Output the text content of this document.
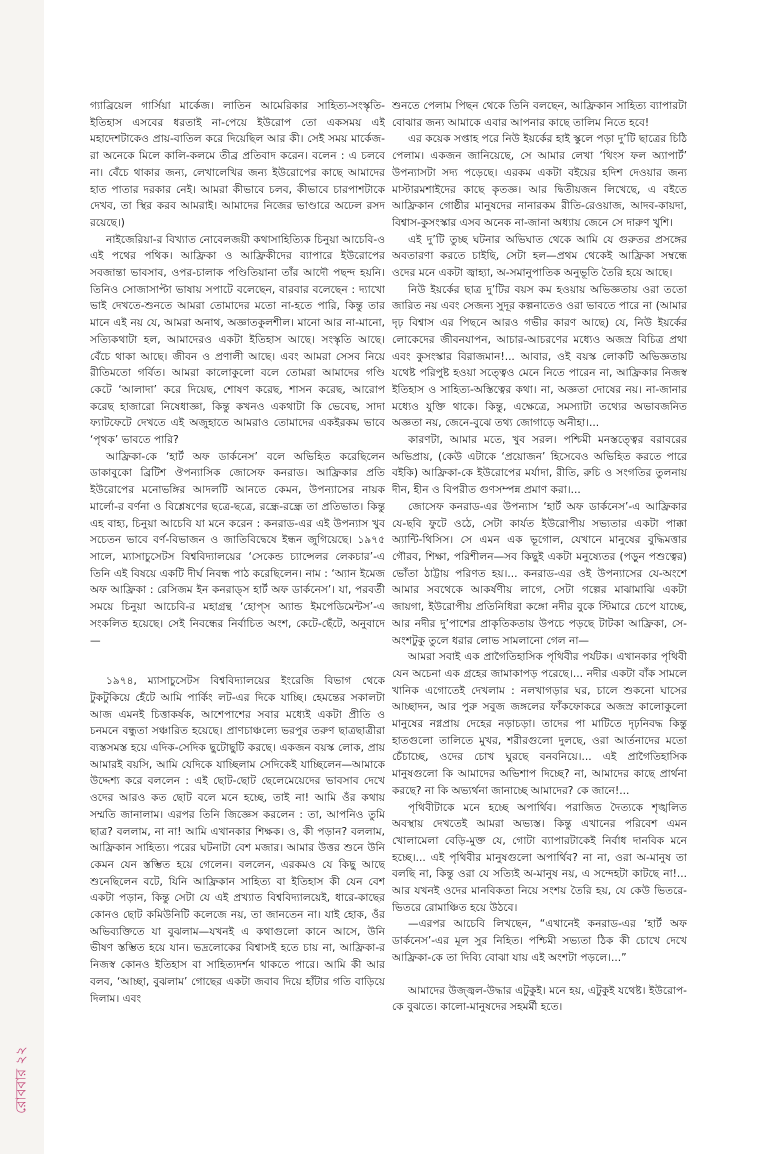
রোববার ২২

গ্যাব্রিয়েল গার্সিয়া মার্কেজ। লাতিন আমেরিকার সাহিত্য-সংস্কৃতি-ইতিহাস এসবের ধরতাই না-পেয়ে ইউরোপ তো একসময় এই মহাদেশটাকেও প্রায়-বাতিল করে দিয়েছিল আর কী। সেই সময় মার্কেজ-রা অনেকে মিলে কালি-কলমে তীব্র প্রতিবাদ করেন। বলেন : এ চলবে না। বেঁচে থাকার জন্য, লেখালেখির জন্য ইউরোপের কাছে আমাদের হাত পাতার দরকার নেই। আমরা কীভাবে চলব, কীভাবে চারপাশটাকে দেখব, তা স্থির করব আমরাই। আমাদের নিজের ভাণ্ডারে অঢেল রসদ রয়েছে।)

নাইজেরিয়া-র বিখ্যাত নোবেলজয়ী কথাসাহিত্যিক চিনুয়া আচেবি-ও এই পথের পথিক। আফ্রিকা ও আফ্রিকীদের ব্যাপারে ইউরোপের সবজান্তা ভাবসাব, ওপর-চালাক পণ্ডিতিয়ানা তাঁর আদৌ পছন্দ হয়নি। তিনিও সোজাসাপ্টা ভাষায় সপাটে বলেছেন, বারবার বলেছেন : দ্যাখো ভাই দেখতে-শুনতে আমরা তোমাদের মতো না-হতে পারি, কিন্তু তার মানে এই নয় যে, আমরা অনাথ, অজ্ঞাতকুলশীল। মানো আর না-মানো, সত্যিকথাটা হল, আমাদেরও একটা ইতিহাস আছে। সংস্কৃতি আছে। বেঁচে থাকা আছে। জীবন ও প্রণালী আছে। এবং আমরা সেসব নিয়ে রীতিমতো গর্বিত। আমরা কালোকুলো বলে তোমরা আমাদের গণ্ডি কেটে ‘আলাদা’ করে দিয়েছ, শোষণ করেছ, শাসন করেছ, আরোপ করেছ হাজারো নিষেধাজ্ঞা, কিন্তু কখনও একথাটা কি ভেবেছ, সাদা ফ্যাটফেটে দেখতে এই অজুহাতে আমরাও তোমাদের একইরকম ভাবে ‘পৃথক’ ভাবতে পারি?

আফ্রিকা-কে ‘হার্ট অফ ডার্কনেস’ বলে অভিহিত করেছিলেন ডাকাবুকো ব্রিটিশ ঔপন্যাসিক জোসেফ কনরাড। আফ্রিকার প্রতি ইউরোপের মনোভঙ্গির আদলটি আনতে কেমন, উপন্যাসের নায়ক মার্লো-র বর্ণনা ও বিশ্লেষণের ছত্রে-ছত্রে, রন্ধ্রে-রন্ধ্রে তা প্রতিভাত। কিন্তু এহ বাহ্য, চিনুয়া আচেবি যা মনে করেন : কনরাড-এর এই উপন্যাস খুব সচেতন ভাবে বর্ণ-বিভাজন ও জাতিবিদ্বেষে ইন্ধন জুগিয়েছে। ১৯৭৫ সালে, ম্যাসাচুসেটস বিশ্ববিদ্যালয়ের ‘সেকেন্ড চ্যান্সেলর লেকচার’-এ তিনি এই বিষয়ে একটি দীর্ঘ নিবন্ধ পাঠ করেছিলেন। নাম : ‘অ্যান ইমেজ অফ আফ্রিকা : রেসিজম ইন কনরাড্‌স হার্ট অফ ডার্কনেস’। যা, পরবর্তী সময়ে চিনুয়া আচেবি-র মহাগ্রন্থ ‘হোপ্‌স অ্যান্ড ইমপেডিমেন্টস’-এ সংকলিত হয়েছে। সেই নিবন্ধের নির্বাচিত অংশ, কেটে-ছেঁটে, অনুবাদে—

১৯৭৪, ম্যাসাচুসেটস বিশ্ববিদ্যালয়ের ইংরেজি বিভাগ থেকে টুকটুকিয়ে হেঁটে আমি পার্কিং লট-এর দিকে যাচ্ছি। হেমন্তের সকালটা আজ এমনই চিত্তাকর্ষক, আশেপাশের সবার মধ্যেই একটা প্রীতি ও চনমনে বন্ধুতা সঞ্চারিত হয়েছে। প্রাণচাঞ্চল্যে ভরপুর তরুণ ছাত্রছাত্রীরা ব্যস্তসমস্ত হয়ে এদিক-সেদিক ছুটোছুটি করছে। একজন বয়স্ক লোক, প্রায় আমারই বয়সি, আমি যেদিকে যাচ্ছিলাম সেদিকেই যাচ্ছিলেন—আমাকে উদ্দেশ্য করে বললেন : এই ছোট-ছোট ছেলেমেয়েদের ভাবসাব দেখে ওদের আরও কত ছোট বলে মনে হচ্ছে, তাই না! আমি ওঁর কথায় সম্মতি জানালাম। এরপর তিনি জিজ্ঞেস করলেন : তা, আপনিও তুমি ছাত্র? বললাম, না না! আমি এখানকার শিক্ষক। ও, কী পড়ান? বললাম, আফ্রিকান সাহিত্য। পরের ঘটনাটা বেশ মজার। আমার উত্তর শুনে উনি কেমন যেন স্তম্ভিত হয়ে গেলেন। বললেন, এরকমও যে কিছু আছে শুনেছিলেন বটে, যিনি আফ্রিকান সাহিত্য বা ইতিহাস কী যেন বেশ একটা পড়ান, কিন্তু সেটা যে এই প্রখ্যাত বিশ্ববিদ্যালয়েই, ধারে-কাছের কোনও ছোট কমিউনিটি কলেজে নয়, তা জানতেন না। যাই হোক, ওঁর অভিব্যক্তিতে যা বুঝলাম—যখনই এ কথাগুলো কানে আসে, উনি ভীষণ স্তম্ভিত হয়ে যান। ভদ্রলোকের বিশ্বাসই হতে চায় না, আফ্রিকা-র নিজস্ব কোনও ইতিহাস বা সাহিত্যদর্শন থাকতে পারে। আমি কী আর বলব, ‘আচ্ছা, বুঝলাম’ গোছের একটা জবাব দিয়ে হাঁটার গতি বাড়িয়ে দিলাম। এবং

শুনতে পেলাম পিছন থেকে তিনি বলছেন, আফ্রিকান সাহিত্য ব্যাপারটা বোঝার জন্য আমাকে এবার আপনার কাছে তালিম নিতে হবে!

এর কয়েক সপ্তাহ পরে নিউ ইয়র্কের হাই স্কুলে পড়া দু’টি ছাত্রের চিঠি পেলাম। একজন জানিয়েছে, সে আমার লেখা ‘থিংস ফল অ্যাপার্ট’ উপন্যাসটা সদ্য পড়েছে। এরকম একটা বইয়ের হদিশ দেওয়ার জন্য মাস্টারমশাইদের কাছে কৃতজ্ঞ। আর দ্বিতীয়জন লিখেছে, এ বইতে আফ্রিকান গোষ্ঠীর মানুষদের নানারকম রীতি-রেওয়াজ, আদব-কায়দা, বিশ্বাস-কুসংস্কার এসব অনেক না-জানা অধ্যায় জেনে সে দারুণ খুশি।

এই দু’টি তুচ্ছ ঘটনার অভিঘাত থেকে আমি যে গুরুতর প্রসঙ্গের অবতারণা করতে চাইছি, সেটা হল—প্রথম থেকেই আফ্রিকা সম্বন্ধে ওদের মনে একটা জ্বাহ্যা, অ-সমানুপাতিক অনুভূতি তৈরি হয়ে আছে।

নিউ ইয়র্কের ছাত্র দু’টির বয়স কম হওয়ায় অভিজ্ঞতায় ওরা ততো জারিত নয় এবং সেজন্য সুদূর কল্পনাতেও ওরা ভাবতে পারে না (আমার দৃঢ় বিশ্বাস এর পিছনে আরও গভীর কারণ আছে) যে, নিউ ইয়র্কের লোকেদের জীবনযাপন, আচার-আচরণের মধ্যেও অজস্র বিচিত্র প্রথা এবং কুসংস্কার বিরাজমান!... আবার, ওই বয়স্ক লোকটি অভিজ্ঞতায় যথেষ্ট পরিপুষ্ট হওয়া সত্ত্বেও মেনে নিতে পারেন না, আফ্রিকার নিজস্ব ইতিহাস ও সাহিত্য-অস্তিত্বের কথা। না, অজ্ঞতা দোষের নয়। না-জানার মধ্যেও যুক্তি থাকে। কিন্তু, এক্ষেত্রে, সমস্যাটা তথ্যের অভাবজনিত অজ্ঞতা নয়, জেনে-বুঝে তথ্য জোগাড়ে অনীহা।...

কারণটা, আমার মতে, খুব সরল। পশ্চিমী মনস্তত্ত্বের বরাবরের অভিপ্রায়, (কেউ এটাকে ‘প্রয়োজন’ হিসেবেও অভিহিত করতে পারে বইকি) আফ্রিকা-কে ইউরোপের মর্যাদা, রীতি, রুচি ও সংগতির তুলনায় দীন, হীন ও বিপরীত গুণসম্পন্ন প্রমাণ করা।...

জোসেফ কনরাড-এর উপন্যাস ‘হার্ট অফ ডার্কনেস’-এ আফ্রিকার যে-ছবি ফুটে ওঠে, সেটা কার্যত ইউরোপীয় সভ্যতার একটা পাক্কা অ্যান্টি-থিসিস। সে এমন এক ভূগোল, যেখানে মানুষের বুদ্ধিমত্তার গৌরব, শিক্ষা, পরিশীলন—সব কিছুই একটা মনুষ্যেতর (পড়ুন পশুত্বের) ভোঁতা ঠাট্টায় পরিণত হয়।... কনরাড-এর ওই উপন্যাসের যে-অংশে আমার সবথেকে আকর্ষণীয় লাগে, সেটা গল্পের মাঝামাঝি একটা জায়গা, ইউরোপীয় প্রতিনিধিরা কঙ্গো নদীর বুকে স্টিমারে চেপে যাচ্ছে, আর নদীর দু’পাশের প্রাকৃতিকতায় উপচে পড়ছে টাটকা আফ্রিকা, সে-অংশটুকু তুলে ধরার লোভ সামলানো গেল না—

আমরা সবাই এক প্রাগৈতিহাসিক পৃথিবীর পর্যটক। এখানকার পৃথিবী যেন অচেনা এক গ্রহের জামাকাপড় পরেছে।... নদীর একটা বাঁক সামলে খানিক এগোতেই দেখলাম : নলখাগড়ার ঘর, চালে শুকনো ঘাসের আচ্ছাদন, আর পুরু সবুজ জঙ্গলের ফাঁকফোকরে অজস্র কালোকুলো মানুষের নগ্নপ্রায় দেহের নড়াচড়া। তাদের পা মাটিতে দৃঢ়নিবদ্ধ কিন্তু হাতগুলো তালিতে মুখর, শরীরগুলো দুলছে, ওরা আর্তনাদের মতো চেঁচাচ্ছে, ওদের চোখ ঘুরছে বনবনিয়ে।... এই প্রাগৈতিহাসিক মানুষগুলো কি আমাদের অভিশাপ দিচ্ছে? না, আমাদের কাছে প্রার্থনা করছে? না কি অভ্যর্থনা জানাচ্ছে আমাদের? কে জানে!...

পৃথিবীটাকে মনে হচ্ছে অপার্থিব। পরাজিত দৈত্যকে শৃঙ্খলিত অবস্থায় দেখতেই আমরা অভ্যস্ত। কিন্তু এখানের পরিবেশ এমন খোলামেলা বেড়ি-মুক্ত যে, গোটা ব্যাপারটাকেই নির্বাধ দানবিক মনে হচ্ছে।... এই পৃথিবীর মানুষগুলো অপার্থিব? না না, ওরা অ-মানুষ তা বলছি না, কিন্তু ওরা যে সত্যিই অ-মানুষ নয়, এ সন্দেহটা কাটছে না!... আর যখনই ওদের মানবিকতা নিয়ে সংশয় তৈরি হয়, যে কেউ ভিতরে-ভিতরে রোমাঞ্চিত হয়ে উঠবে।

—এরপর আচেবি লিখছেন, “এখানেই কনরাড-এর ‘হার্ট অফ ডার্কনেস’-এর মূল সুর নিহিত। পশ্চিমী সভ্যতা ঠিক কী চোখে দেখে আফ্রিকা-কে তা দিব্যি বোঝা যায় এই অংশটা পড়লে।...”

আমাদের উজ্জ্বল-উদ্ধার এটুকুই। মনে হয়, এটুকুই যথেষ্ট। ইউরোপ-কে বুঝতে। কালো-মানুষদের সহমর্মী হতে।
